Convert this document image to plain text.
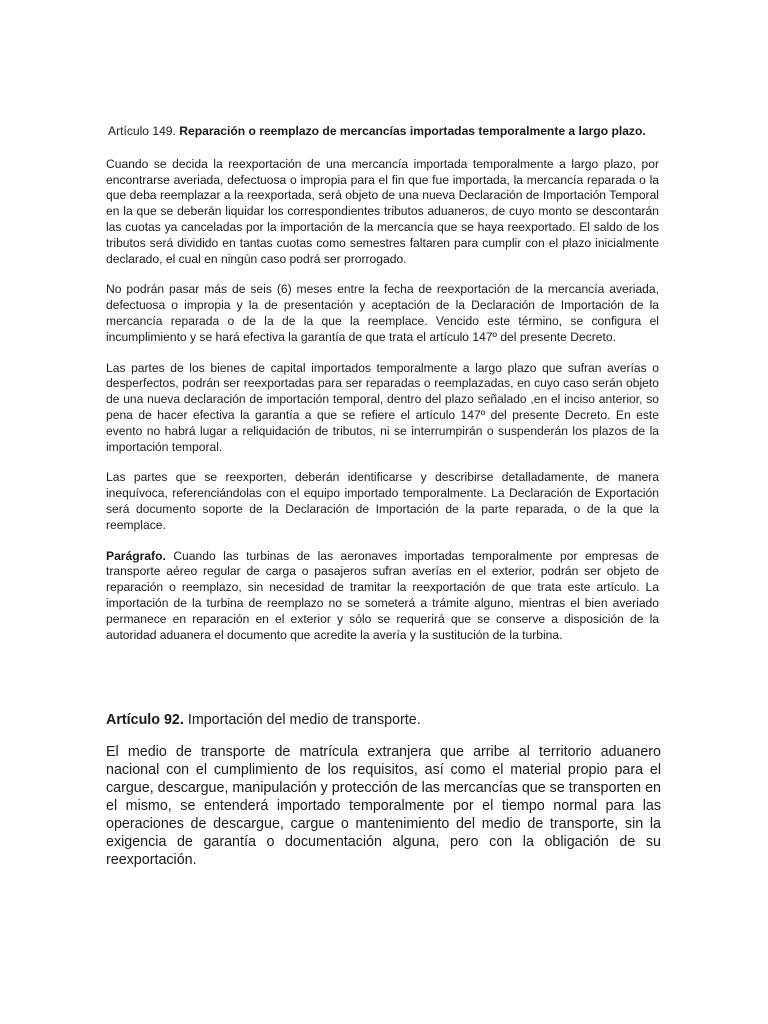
Artículo 149. Reparación o reemplazo de mercancías importadas temporalmente a largo plazo.

Cuando se decida la reexportación de una mercancía importada temporalmente a largo plazo, por encontrarse averiada, defectuosa o impropia para el fin que fue importada, la mercancía reparada o la que deba reemplazar a la reexportada, será objeto de una nueva Declaración de Importación Temporal en la que se deberán liquidar los correspondientes tributos aduaneros, de cuyo monto se descontarán las cuotas ya canceladas por la importación de la mercancía que se haya reexportado. El saldo de los tributos será dividido en tantas cuotas como semestres faltaren para cumplir con el plazo inicialmente declarado, el cual en ningún caso podrá ser prorrogado.

No podrán pasar más de seis (6) meses entre la fecha de reexportación de la mercancía averiada, defectuosa o impropia y la de presentación y aceptación de la Declaración de Importación de la mercancía reparada o de la de la que la reemplace. Vencido este término, se configura el incumplimiento y se hará efectiva la garantía de que trata el artículo 147º del presente Decreto.

Las partes de los bienes de capital importados temporalmente a largo plazo que sufran averías o desperfectos, podrán ser reexportadas para ser reparadas o reemplazadas, en cuyo caso serán objeto de una nueva declaración de importación temporal, dentro del plazo señalado ,en el inciso anterior, so pena de hacer efectiva la garantía a que se refiere el artículo 147º del presente Decreto. En este evento no habrá lugar a reliquidación de tributos, ni se interrumpirán o suspenderán los plazos de la importación temporal.

Las partes que se reexporten, deberán identificarse y describirse detalladamente, de manera inequívoca, referenciándolas con el equipo importado temporalmente. La Declaración de Exportación será documento soporte de la Declaración de Importación de la parte reparada, o de la que la reemplace.

Parágrafo. Cuando las turbinas de las aeronaves importadas temporalmente por empresas de transporte aéreo regular de carga o pasajeros sufran averías en el exterior, podrán ser objeto de reparación o reemplazo, sin necesidad de tramitar la reexportación de que trata este artículo. La importación de la turbina de reemplazo no se someterá a trámite alguno, mientras el bien averiado permanece en reparación en el exterior y sólo se requerirá que se conserve a disposición de la autoridad aduanera el documento que acredite la avería y la sustitución de la turbina.

Artículo 92. Importación del medio de transporte.

El medio de transporte de matrícula extranjera que arribe al territorio aduanero nacional con el cumplimiento de los requisitos, así como el material propio para el cargue, descargue, manipulación y protección de las mercancías que se transporten en el mismo, se entenderá importado temporalmente por el tiempo normal para las operaciones de descargue, cargue o mantenimiento del medio de transporte, sin la exigencia de garantía o documentación alguna, pero con la obligación de su reexportación.
